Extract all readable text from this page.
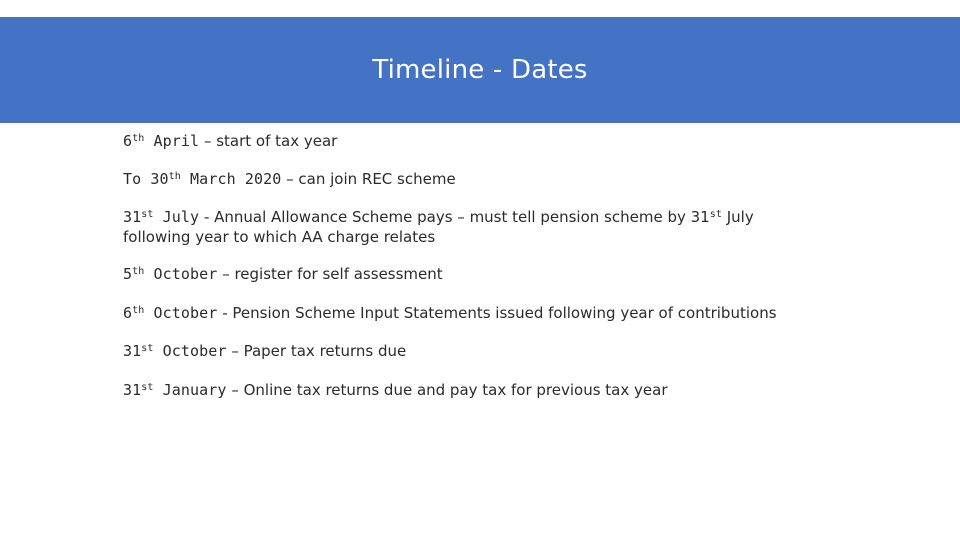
Timeline - Dates
6th April – start of tax year
To 30th March 2020 – can join REC scheme
31st July - Annual Allowance Scheme pays – must tell pension scheme by 31st July
following year to which AA charge relates
5th October – register for self assessment
6th October - Pension Scheme Input Statements issued following year of contributions
31st October – Paper tax returns due
31st January – Online tax returns due and pay tax for previous tax year
